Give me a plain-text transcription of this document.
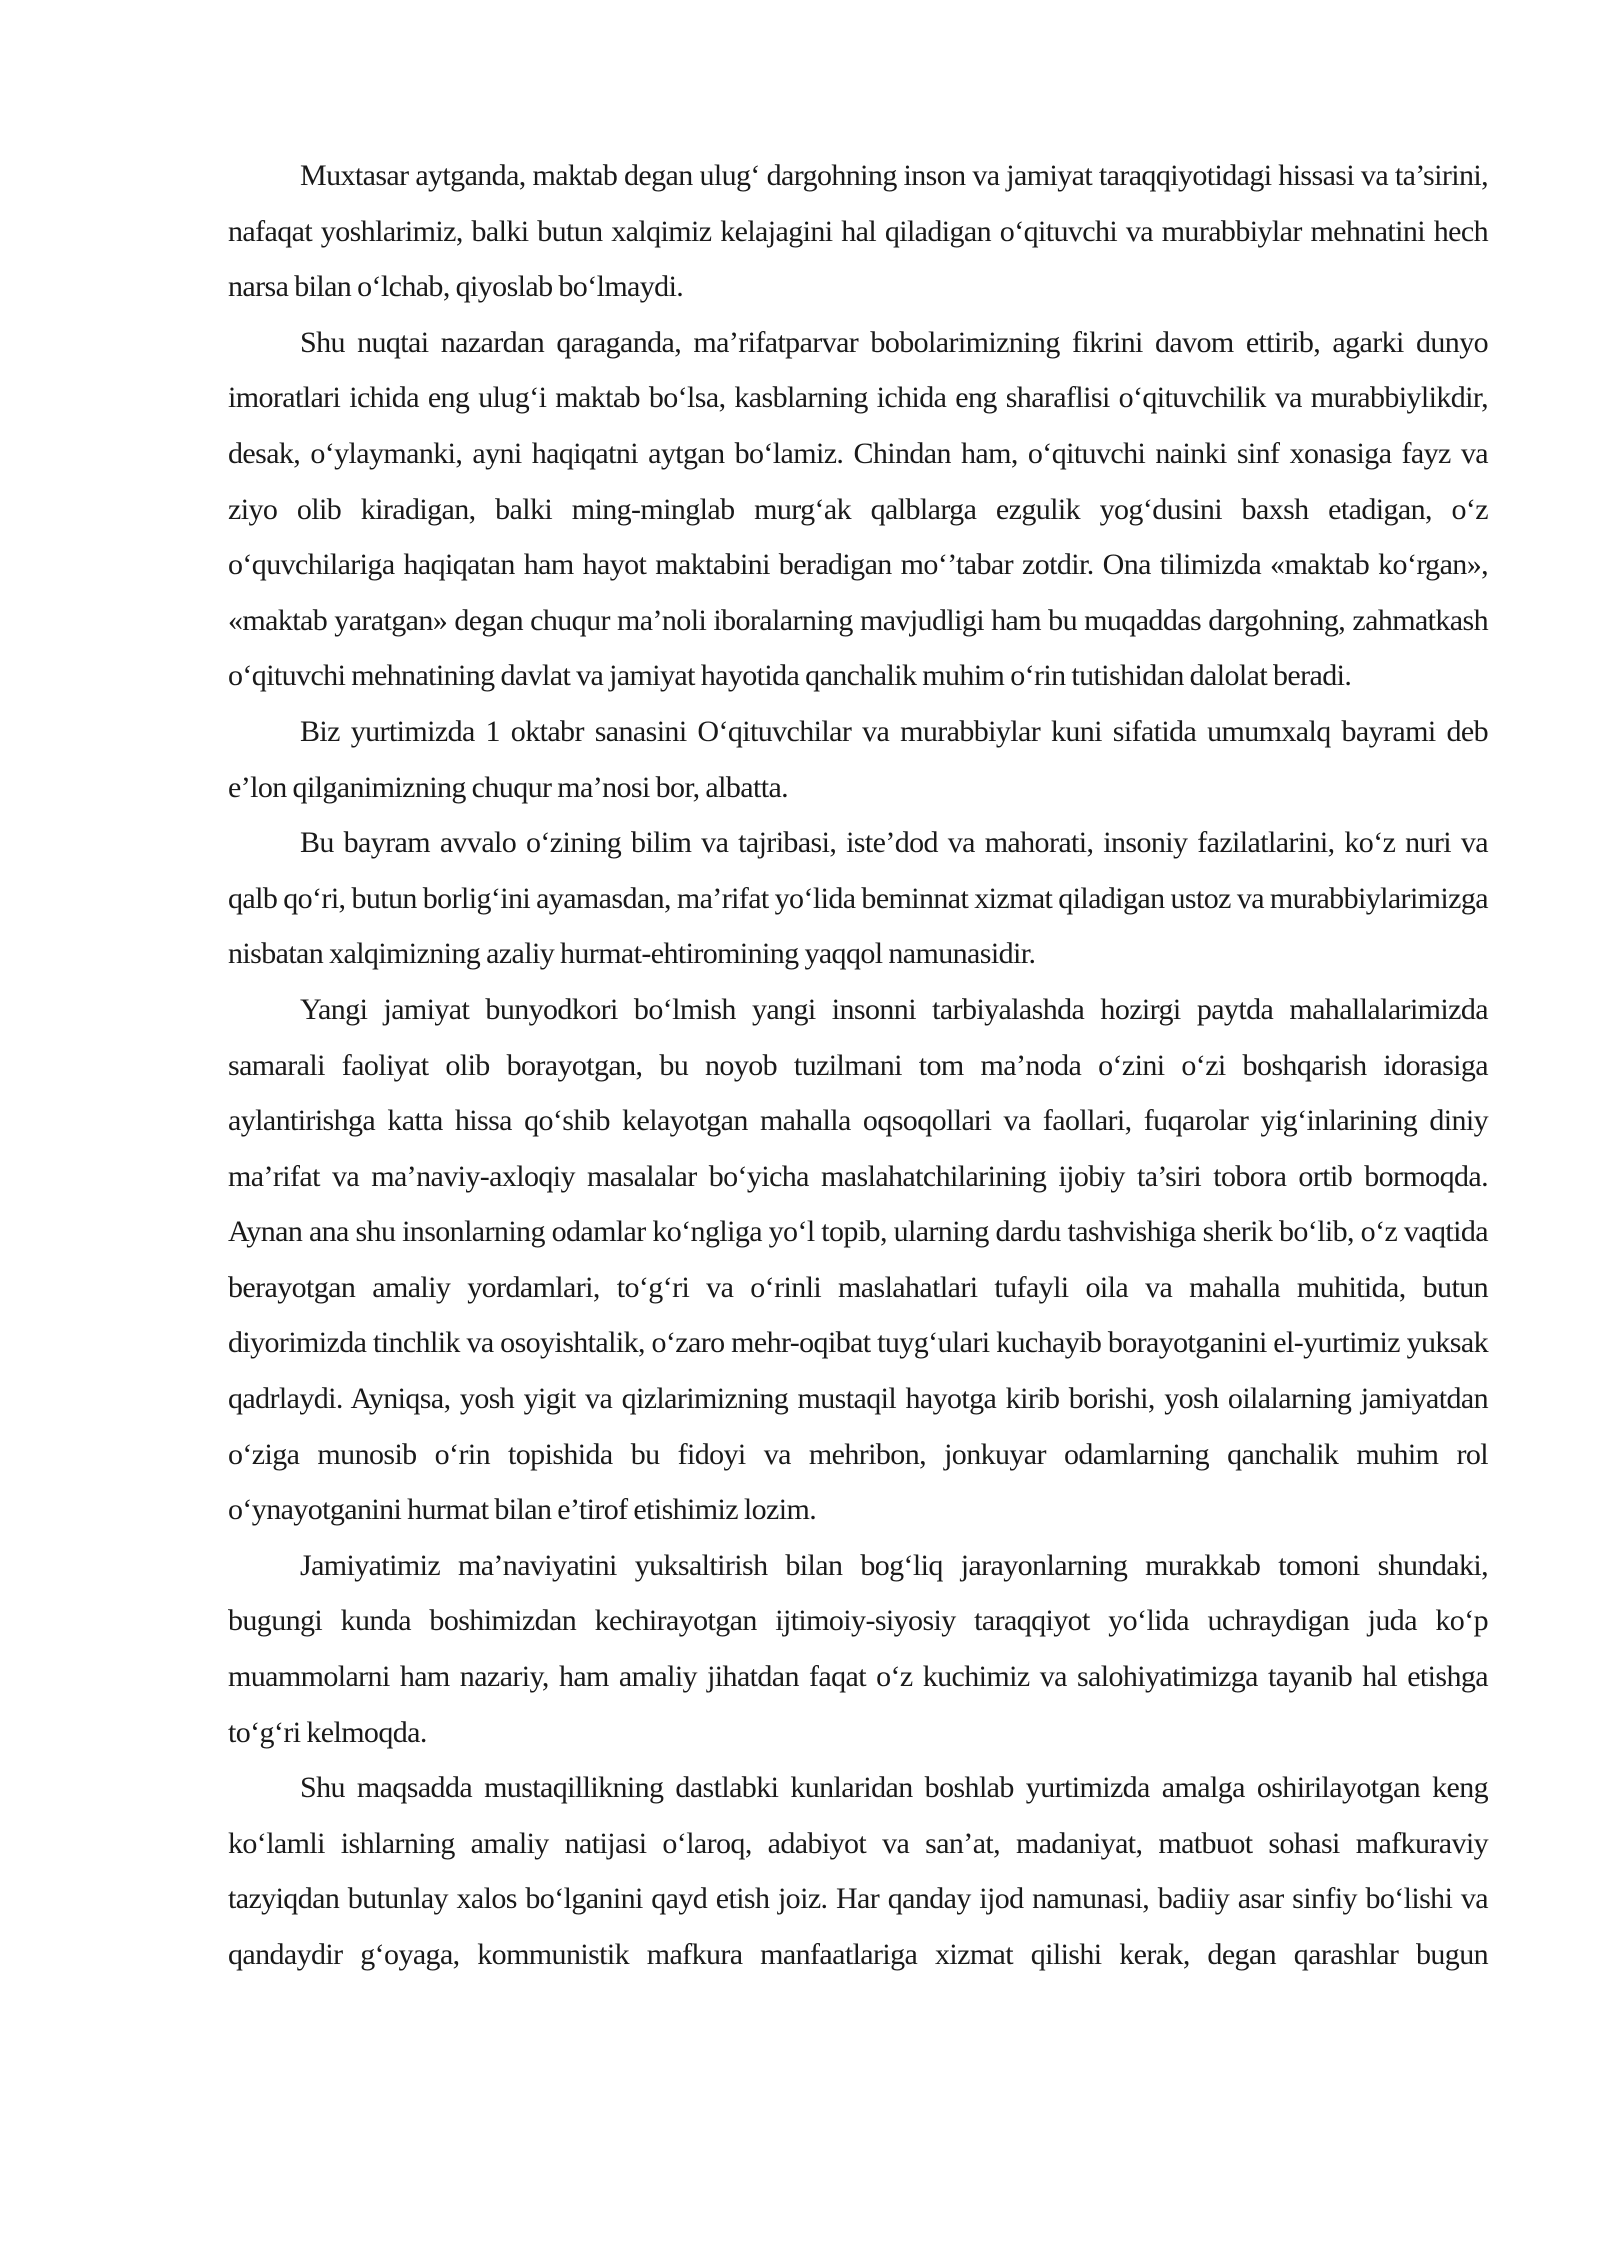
Muxtasar aytganda, maktab degan ulug‘ dargohning inson va jamiyat taraqqiyotidagi hissasi va ta’sirini, nafaqat yoshlarimiz, balki butun xalqimiz kelajagini hal qiladigan o‘qituvchi va murabbiylar mehnatini hech narsa bilan o‘lchab, qiyoslab bo‘lmaydi.

Shu nuqtai nazardan qaraganda, ma’rifatparvar bobolarimizning fikrini davom ettirib, agarki dunyo imoratlari ichida eng ulug‘i maktab bo‘lsa, kasblarning ichida eng sharaflisi o‘qituvchilik va murabbiylikdir, desak, o‘ylaymanki, ayni haqiqatni aytgan bo‘lamiz. Chindan ham, o‘qituvchi nainki sinf xonasiga fayz va ziyo olib kiradigan, balki ming-minglab murg‘ak qalblarga ezgulik yog‘dusini baxsh etadigan, o‘z o‘quvchilariga haqiqatan ham hayot maktabini beradigan mo‘’tabar zotdir. Ona tilimizda «maktab ko‘rgan», «maktab yaratgan» degan chuqur ma’noli iboralarning mavjudligi ham bu muqaddas dargohning, zahmatkash o‘qituvchi mehnatining davlat va jamiyat hayotida qanchalik muhim o‘rin tutishidan dalolat beradi.

Biz yurtimizda 1 oktabr sanasini O‘qituvchilar va murabbiylar kuni sifatida umumxalq bayrami deb e’lon qilganimizning chuqur ma’nosi bor, albatta.

Bu bayram avvalo o‘zining bilim va tajribasi, iste’dod va mahorati, insoniy fazilatlarini, ko‘z nuri va qalb qo‘ri, butun borlig‘ini ayamasdan, ma’rifat yo‘lida beminnat xizmat qiladigan ustoz va murabbiylarimizga nisbatan xalqimizning azaliy hurmat-ehtiromining yaqqol namunasidir.

Yangi jamiyat bunyodkori bo‘lmish yangi insonni tarbiyalashda hozirgi paytda mahallalarimizda samarali faoliyat olib borayotgan, bu noyob tuzilmani tom ma’noda o‘zini o‘zi boshqarish idorasiga aylantirishga katta hissa qo‘shib kelayotgan mahalla oqsoqollari va faollari, fuqarolar yig‘inlarining diniy ma’rifat va ma’naviy-axloqiy masalalar bo‘yicha maslahatchilarining ijobiy ta’siri tobora ortib bormoqda. Aynan ana shu insonlarning odamlar ko‘ngliga yo‘l topib, ularning dardu tashvishiga sherik bo‘lib, o‘z vaqtida berayotgan amaliy yordamlari, to‘g‘ri va o‘rinli maslahatlari tufayli oila va mahalla muhitida, butun diyorimizda tinchlik va osoyishtalik, o‘zaro mehr-oqibat tuyg‘ulari kuchayib borayotganini el-yurtimiz yuksak qadrlaydi. Ayniqsa, yosh yigit va qizlarimizning mustaqil hayotga kirib borishi, yosh oilalarning jamiyatdan o‘ziga munosib o‘rin topishida bu fidoyi va mehribon, jonkuyar odamlarning qanchalik muhim rol o‘ynayotganini hurmat bilan e’tirof etishimiz lozim.

Jamiyatimiz ma’naviyatini yuksaltirish bilan bog‘liq jarayonlarning murakkab tomoni shundaki, bugungi kunda boshimizdan kechirayotgan ijtimoiy-siyosiy taraqqiyot yo‘lida uchraydigan juda ko‘p muammolarni ham nazariy, ham amaliy jihatdan faqat o‘z kuchimiz va salohiyatimizga tayanib hal etishga to‘g‘ri kelmoqda.

Shu maqsadda mustaqillikning dastlabki kunlaridan boshlab yurtimizda amalga oshirilayotgan keng ko‘lamli ishlarning amaliy natijasi o‘laroq, adabiyot va san’at, madaniyat, matbuot sohasi mafkuraviy tazyiqdan butunlay xalos bo‘lganini qayd etish joiz. Har qanday ijod namunasi, badiiy asar sinfiy bo‘lishi va qandaydir g‘oyaga, kommunistik mafkura manfaatlariga xizmat qilishi kerak, degan qarashlar bugun
